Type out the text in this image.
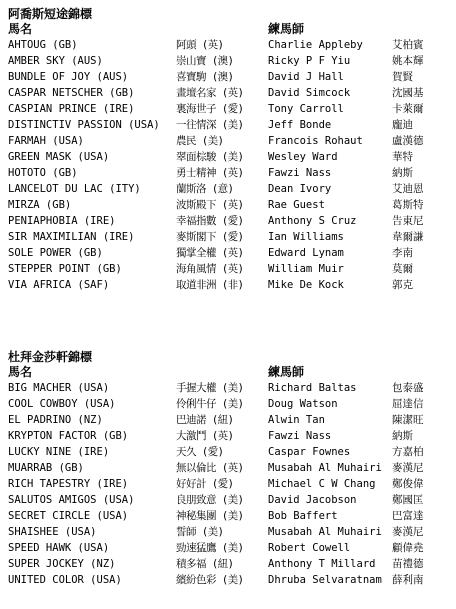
阿喬斯短途錦標
馬名	練馬師
AHTOUG (GB)	阿頭 (英)	Charlie Appleby	艾柏賓
AMBER SKY (AUS)	崇山寶 (澳)	Ricky P F Yiu	姚本輝
BUNDLE OF JOY (AUS)	喜寶駒 (澳)	David J Hall	賀賢
CASPAR NETSCHER (GB)	畫壇名家 (英) David Simcock	沈國基
CASPIAN PRINCE (IRE)	裏海世子 (愛) Tony Carroll	卡萊爾
DISTINCTIV PASSION (USA) 一往情深 (美) Jeff Bonde	龐迪
FARMAH (USA)	農民 (美)	Francois Rohaut	盧漢德
GREEN MASK (USA)	翠面棕駿 (美) Wesley Ward	華特
HOTOTO (GB)	勇士精神 (英) Fawzi Nass	納斯
LANCELOT DU LAC (ITY)	蘭斯洛 (意)	Dean Ivory	艾迪恩
MIRZA (GB)	波斯殿下 (英) Rae Guest	葛斯特
PENIAPHOBIA (IRE)	幸福指數 (愛) Anthony S Cruz	告東尼
SIR MAXIMILIAN (IRE)	麥斯閣下 (愛) Ian Williams	韋爾謙
SOLE POWER (GB)	獨掌全權 (英) Edward Lynam	李南
STEPPER POINT (GB)	海角風情 (英) William Muir	莫爾
VIA AFRICA (SAF)	取道非洲 (非) Mike De Kock	郭克
杜拜金莎軒錦標
馬名	練馬師
BIG MACHER (USA)	手握大權 (美) Richard Baltas	包泰盛
COOL COWBOY (USA)	伶俐牛仔 (美) Doug Watson	屈達信
EL PADRINO (NZ)	巴迪諾 (紐)	Alwin Tan	陳潔旺
KRYPTON FACTOR (GB)	大激鬥 (英)	Fawzi Nass	納斯
LUCKY NINE (IRE)	天久 (愛)	Caspar Fownes	方嘉柏
MUARRAB (GB)	無以倫比 (英) Musabah Al Muhairi 麥漢尼
RICH TAPESTRY (IRE)	好好計 (愛)	Michael C W Chang 鄭俊偉
SALUTOS AMIGOS (USA)	良朋致意 (美) David Jacobson	鄭國匡
SECRET CIRCLE (USA)	神秘集團 (美) Bob Baffert	巴富達
SHAISHEE (USA)	誓師 (美)	Musabah Al Muhairi 麥漢尼
SPEED HAWK (USA)	勁速猛鷹 (美) Robert Cowell	顧偉堯
SUPER JOCKEY (NZ)	積多福 (紐)	Anthony T Millard 苗禮德
UNITED COLOR (USA)	繽紛色彩 (美) Dhruba Selvaratnam 薛利南
